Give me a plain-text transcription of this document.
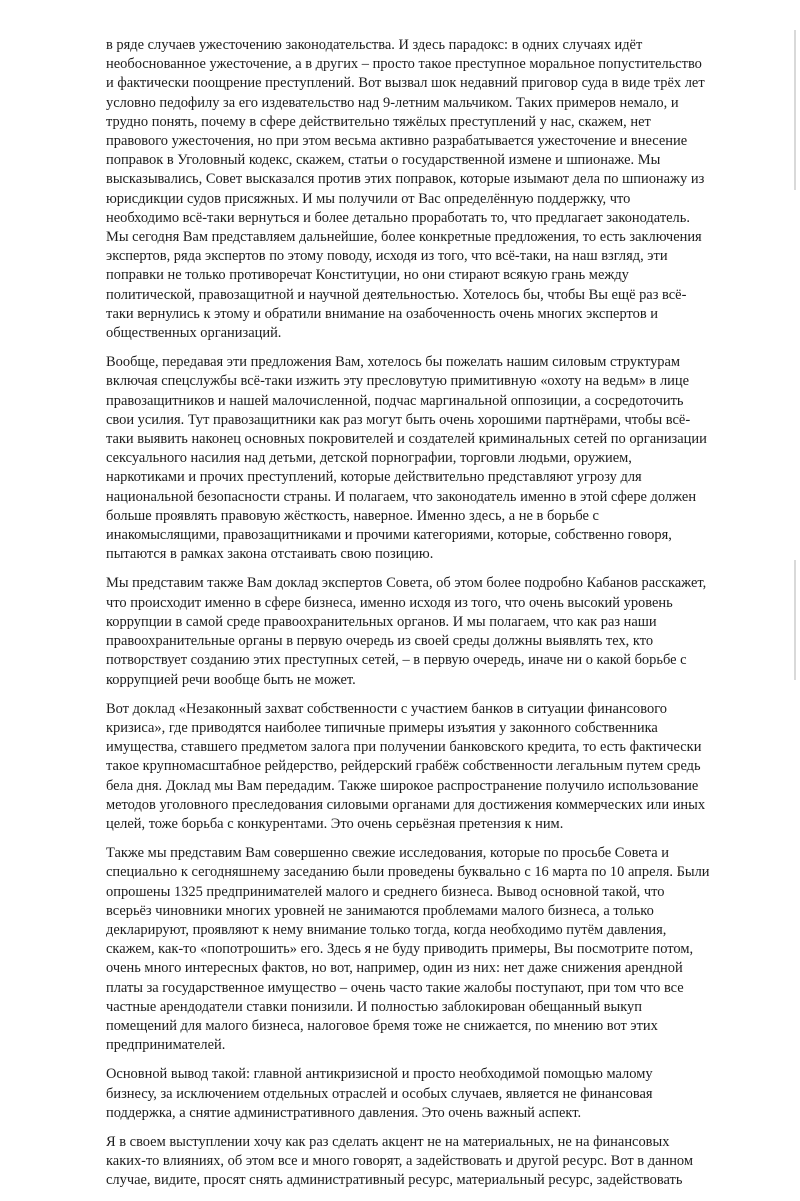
в ряде случаев ужесточению законодательства. И здесь парадокс: в одних случаях идёт
необоснованное ужесточение, а в других – просто такое преступное моральное попустительство
и фактически поощрение преступлений. Вот вызвал шок недавний приговор суда в виде трёх лет
условно педофилу за его издевательство над 9-летним мальчиком. Таких примеров немало, и
трудно понять, почему в сфере действительно тяжёлых преступлений у нас, скажем, нет
правового ужесточения, но при этом весьма активно разрабатывается ужесточение и внесение
поправок в Уголовный кодекс, скажем, статьи о государственной измене и шпионаже. Мы
высказывались, Совет высказался против этих поправок, которые изымают дела по шпионажу из
юрисдикции судов присяжных. И мы получили от Вас определённую поддержку, что
необходимо всё-таки вернуться и более детально проработать то, что предлагает законодатель.
Мы сегодня Вам представляем дальнейшие, более конкретные предложения, то есть заключения
экспертов, ряда экспертов по этому поводу, исходя из того, что всё-таки, на наш взгляд, эти
поправки не только противоречат Конституции, но они стирают всякую грань между
политической, правозащитной и научной деятельностью. Хотелось бы, чтобы Вы ещё раз всё-
таки вернулись к этому и обратили внимание на озабоченность очень многих экспертов и
общественных организаций.

Вообще, передавая эти предложения Вам, хотелось бы пожелать нашим силовым структурам
включая спецслужбы всё-таки изжить эту пресловутую примитивную «охоту на ведьм» в лице
правозащитников и нашей малочисленной, подчас маргинальной оппозиции, а сосредоточить
свои усилия. Тут правозащитники как раз могут быть очень хорошими партнёрами, чтобы всё-
таки выявить наконец основных покровителей и создателей криминальных сетей по организации
сексуального насилия над детьми, детской порнографии, торговли людьми, оружием,
наркотиками и прочих преступлений, которые действительно представляют угрозу для
национальной безопасности страны. И полагаем, что законодатель именно в этой сфере должен
больше проявлять правовую жёсткость, наверное. Именно здесь, а не в борьбе с
инакомыслящими, правозащитниками и прочими категориями, которые, собственно говоря,
пытаются в рамках закона отстаивать свою позицию.

Мы представим также Вам доклад экспертов Совета, об этом более подробно Кабанов расскажет,
что происходит именно в сфере бизнеса, именно исходя из того, что очень высокий уровень
коррупции в самой среде правоохранительных органов. И мы полагаем, что как раз наши
правоохранительные органы в первую очередь из своей среды должны выявлять тех, кто
потворствует созданию этих преступных сетей, – в первую очередь, иначе ни о какой борьбе с
коррупцией речи вообще быть не может.

Вот доклад «Незаконный захват собственности с участием банков в ситуации финансового
кризиса», где приводятся наиболее типичные примеры изъятия у законного собственника
имущества, ставшего предметом залога при получении банковского кредита, то есть фактически
такое крупномасштабное рейдерство, рейдерский грабёж собственности легальным путем средь
бела дня. Доклад мы Вам передадим. Также широкое распространение получило использование
методов уголовного преследования силовыми органами для достижения коммерческих или иных
целей, тоже борьба с конкурентами. Это очень серьёзная претензия к ним.

Также мы представим Вам совершенно свежие исследования, которые по просьбе Совета и
специально к сегодняшнему заседанию были проведены буквально с 16 марта по 10 апреля. Были
опрошены 1325 предпринимателей малого и среднего бизнеса. Вывод основной такой, что
всерьёз чиновники многих уровней не занимаются проблемами малого бизнеса, а только
декларируют, проявляют к нему внимание только тогда, когда необходимо путём давления,
скажем, как-то «попотрошить» его. Здесь я не буду приводить примеры, Вы посмотрите потом,
очень много интересных фактов, но вот, например, один из них: нет даже снижения арендной
платы за государственное имущество – очень часто такие жалобы поступают, при том что все
частные арендодатели ставки понизили. И полностью заблокирован обещанный выкуп
помещений для малого бизнеса, налоговое бремя тоже не снижается, по мнению вот этих
предпринимателей.

Основной вывод такой: главной антикризисной и просто необходимой помощью малому
бизнесу, за исключением отдельных отраслей и особых случаев, является не финансовая
поддержка, а снятие административного давления. Это очень важный аспект.

Я в своем выступлении хочу как раз сделать акцент не на материальных, не на финансовых
каких-то влияниях, об этом все и много говорят, а задействовать и другой ресурс. Вот в данном
случае, видите, просят снять административный ресурс, материальный ресурс, задействовать
